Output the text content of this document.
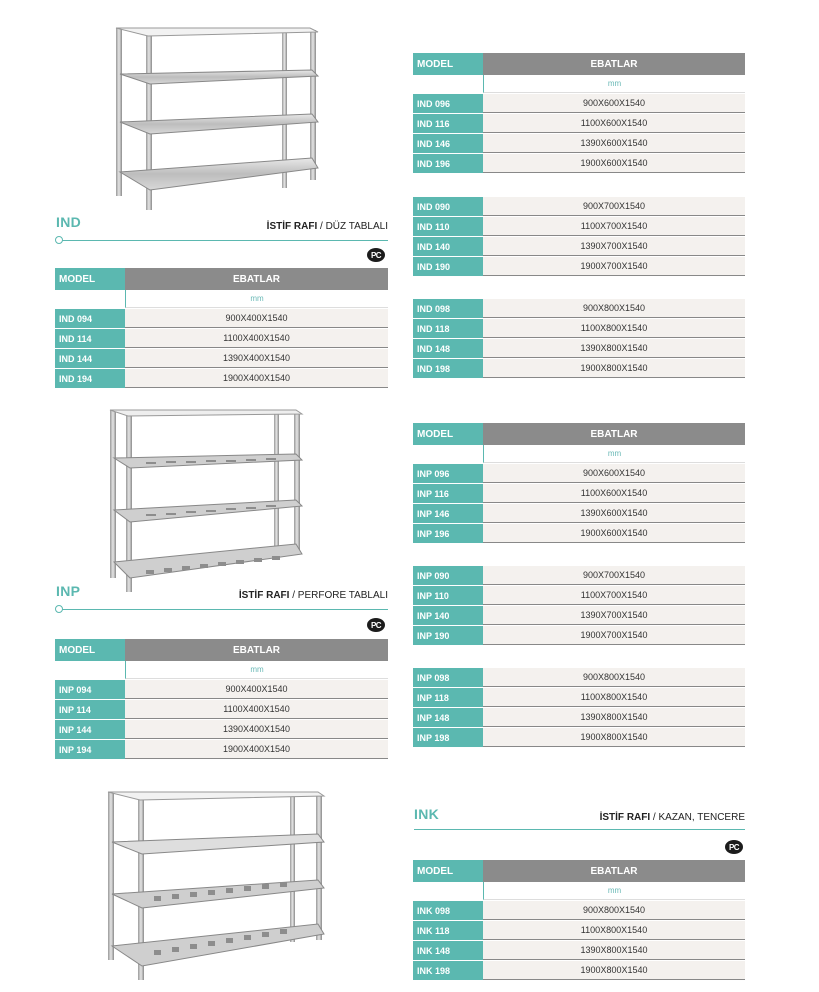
IND	İSTİF RAFI / DÜZ TABLALI
PC
MODEL	EBATLAR
mm
IND 094	900X400X1540
IND 114	1100X400X1540
IND 144	1390X400X1540
IND 194	1900X400X1540
MODEL	EBATLAR
mm
IND 096	900X600X1540
IND 116	1100X600X1540
IND 146	1390X600X1540
IND 196	1900X600X1540
IND 090	900X700X1540
IND 110	1100X700X1540
IND 140	1390X700X1540
IND 190	1900X700X1540
IND 098	900X800X1540
IND 118	1100X800X1540
IND 148	1390X800X1540
IND 198	1900X800X1540
INP	İSTİF RAFI / PERFORE TABLALI
PC
MODEL	EBATLAR
mm
INP 094	900X400X1540
INP 114	1100X400X1540
INP 144	1390X400X1540
INP 194	1900X400X1540
MODEL	EBATLAR
mm
INP 096	900X600X1540
INP 116	1100X600X1540
INP 146	1390X600X1540
INP 196	1900X600X1540
INP 090	900X700X1540
INP 110	1100X700X1540
INP 140	1390X700X1540
INP 190	1900X700X1540
INP 098	900X800X1540
INP 118	1100X800X1540
INP 148	1390X800X1540
INP 198	1900X800X1540
INK	İSTİF RAFI / KAZAN, TENCERE
PC
MODEL	EBATLAR
mm
INK 098	900X800X1540
INK 118	1100X800X1540
INK 148	1390X800X1540
INK 198	1900X800X1540
